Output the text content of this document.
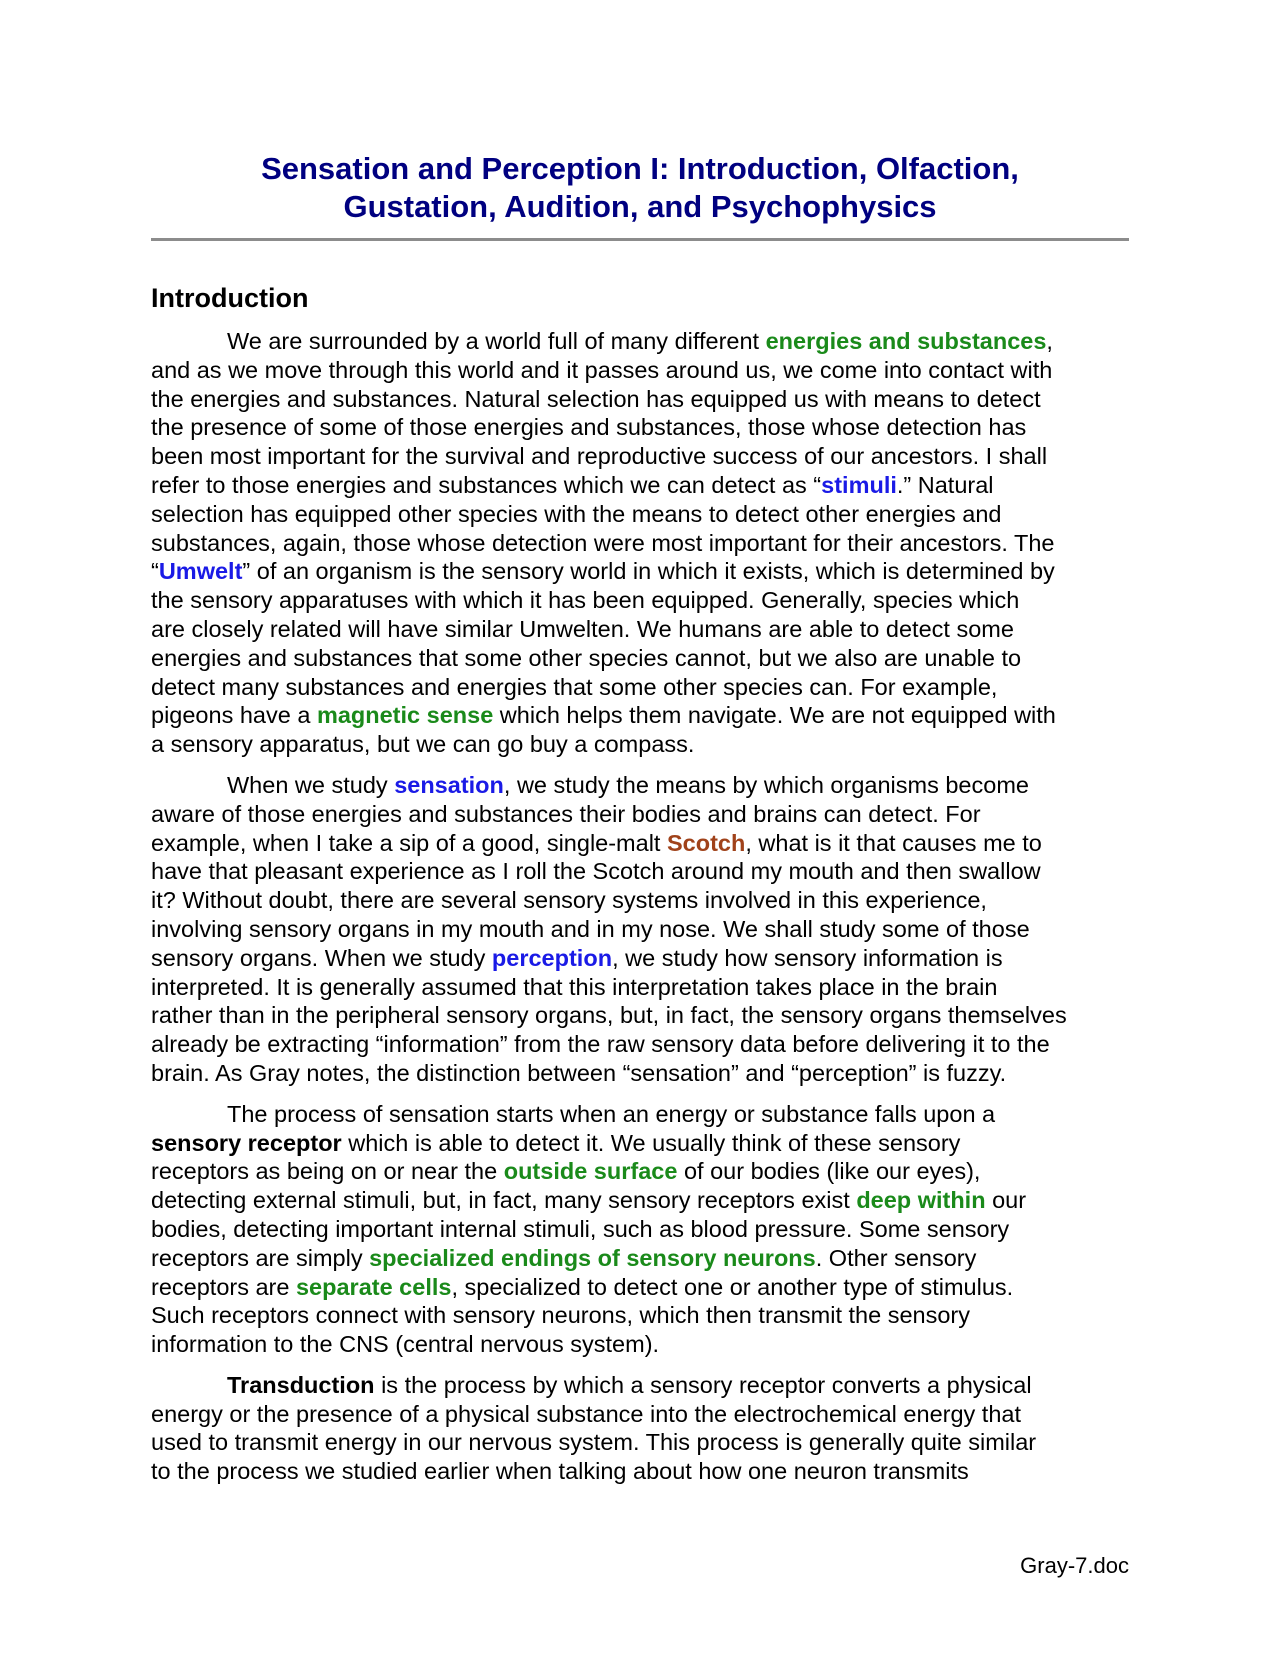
Sensation and Perception I: Introduction, Olfaction,
Gustation, Audition, and Psychophysics
Introduction
We are surrounded by a world full of many different energies and substances,
and as we move through this world and it passes around us, we come into contact with
the energies and substances. Natural selection has equipped us with means to detect
the presence of some of those energies and substances, those whose detection has
been most important for the survival and reproductive success of our ancestors. I shall
refer to those energies and substances which we can detect as “stimuli.” Natural
selection has equipped other species with the means to detect other energies and
substances, again, those whose detection were most important for their ancestors. The
“Umwelt” of an organism is the sensory world in which it exists, which is determined by
the sensory apparatuses with which it has been equipped. Generally, species which
are closely related will have similar Umwelten. We humans are able to detect some
energies and substances that some other species cannot, but we also are unable to
detect many substances and energies that some other species can. For example,
pigeons have a magnetic sense which helps them navigate. We are not equipped with
a sensory apparatus, but we can go buy a compass.
When we study sensation, we study the means by which organisms become
aware of those energies and substances their bodies and brains can detect. For
example, when I take a sip of a good, single-malt Scotch, what is it that causes me to
have that pleasant experience as I roll the Scotch around my mouth and then swallow
it? Without doubt, there are several sensory systems involved in this experience,
involving sensory organs in my mouth and in my nose. We shall study some of those
sensory organs. When we study perception, we study how sensory information is
interpreted. It is generally assumed that this interpretation takes place in the brain
rather than in the peripheral sensory organs, but, in fact, the sensory organs themselves
already be extracting “information” from the raw sensory data before delivering it to the
brain. As Gray notes, the distinction between “sensation” and “perception” is fuzzy.
The process of sensation starts when an energy or substance falls upon a
sensory receptor which is able to detect it. We usually think of these sensory
receptors as being on or near the outside surface of our bodies (like our eyes),
detecting external stimuli, but, in fact, many sensory receptors exist deep within our
bodies, detecting important internal stimuli, such as blood pressure. Some sensory
receptors are simply specialized endings of sensory neurons. Other sensory
receptors are separate cells, specialized to detect one or another type of stimulus.
Such receptors connect with sensory neurons, which then transmit the sensory
information to the CNS (central nervous system).
Transduction is the process by which a sensory receptor converts a physical
energy or the presence of a physical substance into the electrochemical energy that
used to transmit energy in our nervous system. This process is generally quite similar
to the process we studied earlier when talking about how one neuron transmits
Gray-7.doc
